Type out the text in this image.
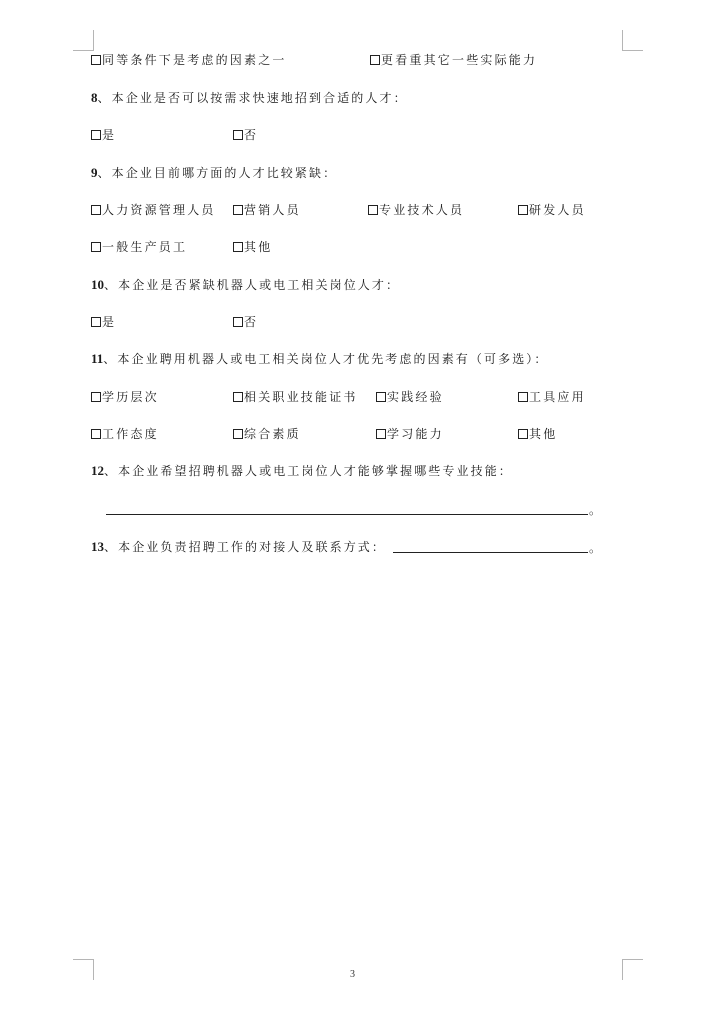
同等条件下是考虑的因素之一	更看重其它一些实际能力
8、本企业是否可以按需求快速地招到合适的人才：
是	否
9、本企业目前哪方面的人才比较紧缺：
人力资源管理人员	营销人员	专业技术人员	研发人员
一般生产员工	其他
10、本企业是否紧缺机器人或电工相关岗位人才：
是	否
11、本企业聘用机器人或电工相关岗位人才优先考虑的因素有（可多选）：
学历层次	相关职业技能证书	实践经验	工具应用
工作态度	综合素质	学习能力	其他
12、本企业希望招聘机器人或电工岗位人才能够掌握哪些专业技能：
。
13、本企业负责招聘工作的对接人及联系方式：	。
3
